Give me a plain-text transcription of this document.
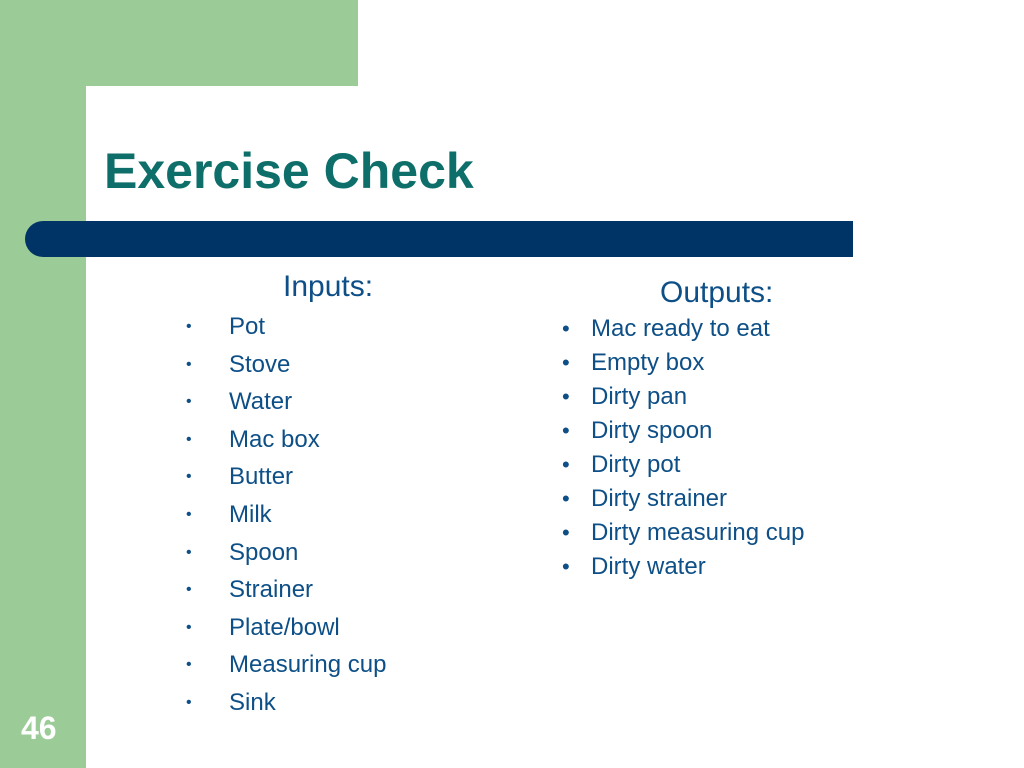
Exercise Check
Inputs:
• Pot
• Stove
• Water
• Mac box
• Butter
• Milk
• Spoon
• Strainer
• Plate/bowl
• Measuring cup
• Sink
Outputs:
• Mac ready to eat
• Empty box
• Dirty pan
• Dirty spoon
• Dirty pot
• Dirty strainer
• Dirty measuring cup
• Dirty water
46
